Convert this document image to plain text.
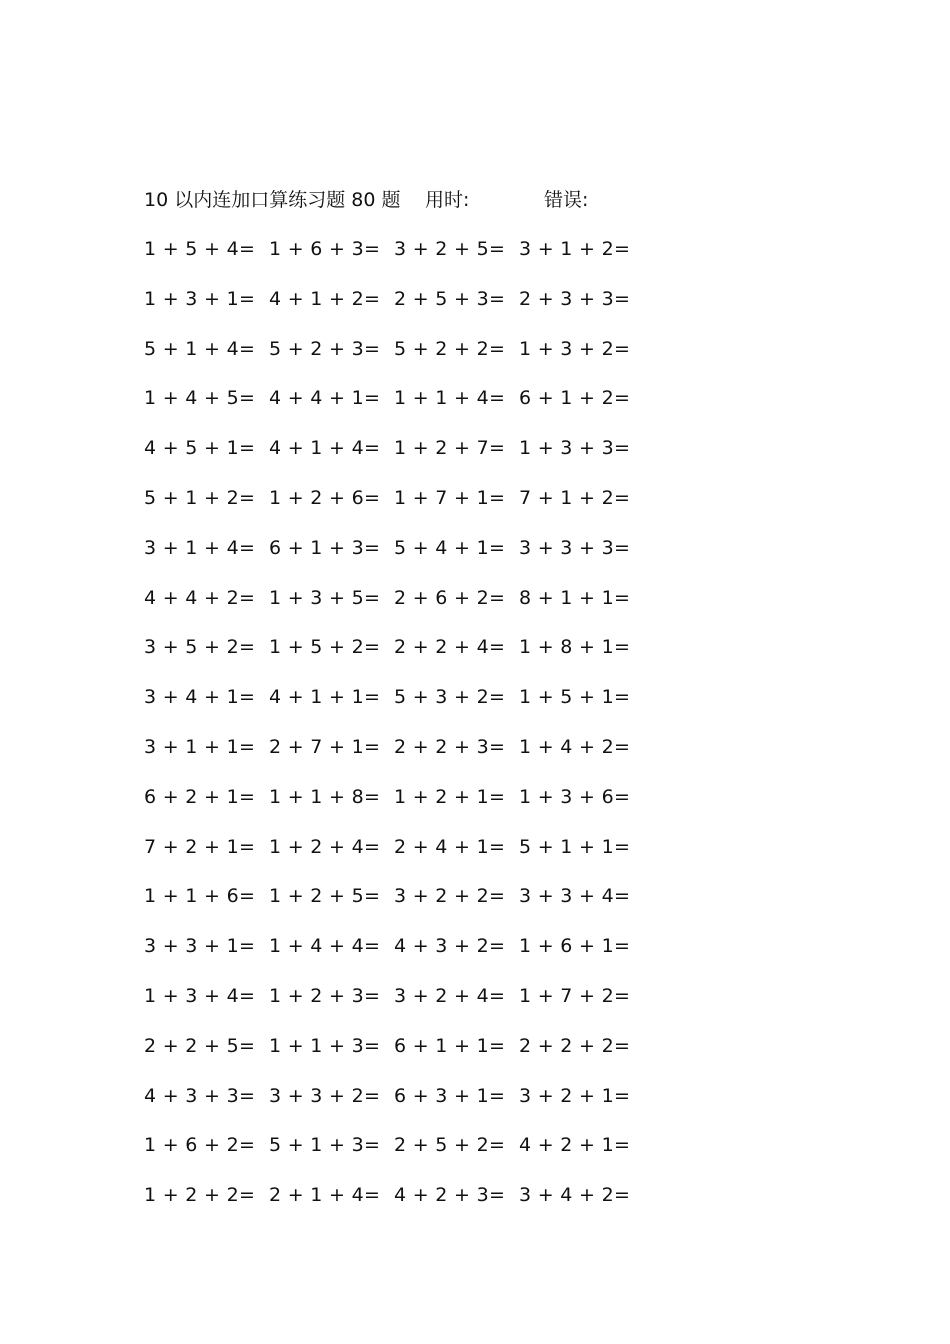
10 以内连加口算练习题 80 题 用时:	错误:
1 + 5 + 4= 1 + 6 + 3= 3 + 2 + 5= 3 + 1 + 2=
1 + 3 + 1= 4 + 1 + 2= 2 + 5 + 3= 2 + 3 + 3=
5 + 1 + 4= 5 + 2 + 3= 5 + 2 + 2= 1 + 3 + 2=
1 + 4 + 5= 4 + 4 + 1= 1 + 1 + 4= 6 + 1 + 2=
4 + 5 + 1= 4 + 1 + 4= 1 + 2 + 7= 1 + 3 + 3=
5 + 1 + 2= 1 + 2 + 6= 1 + 7 + 1= 7 + 1 + 2=
3 + 1 + 4= 6 + 1 + 3= 5 + 4 + 1= 3 + 3 + 3=
4 + 4 + 2= 1 + 3 + 5= 2 + 6 + 2= 8 + 1 + 1=
3 + 5 + 2= 1 + 5 + 2= 2 + 2 + 4= 1 + 8 + 1=
3 + 4 + 1= 4 + 1 + 1= 5 + 3 + 2= 1 + 5 + 1=
3 + 1 + 1= 2 + 7 + 1= 2 + 2 + 3= 1 + 4 + 2=
6 + 2 + 1= 1 + 1 + 8= 1 + 2 + 1= 1 + 3 + 6=
7 + 2 + 1= 1 + 2 + 4= 2 + 4 + 1= 5 + 1 + 1=
1 + 1 + 6= 1 + 2 + 5= 3 + 2 + 2= 3 + 3 + 4=
3 + 3 + 1= 1 + 4 + 4= 4 + 3 + 2= 1 + 6 + 1=
1 + 3 + 4= 1 + 2 + 3= 3 + 2 + 4= 1 + 7 + 2=
2 + 2 + 5= 1 + 1 + 3= 6 + 1 + 1= 2 + 2 + 2=
4 + 3 + 3= 3 + 3 + 2= 6 + 3 + 1= 3 + 2 + 1=
1 + 6 + 2= 5 + 1 + 3= 2 + 5 + 2= 4 + 2 + 1=
1 + 2 + 2= 2 + 1 + 4= 4 + 2 + 3= 3 + 4 + 2=
